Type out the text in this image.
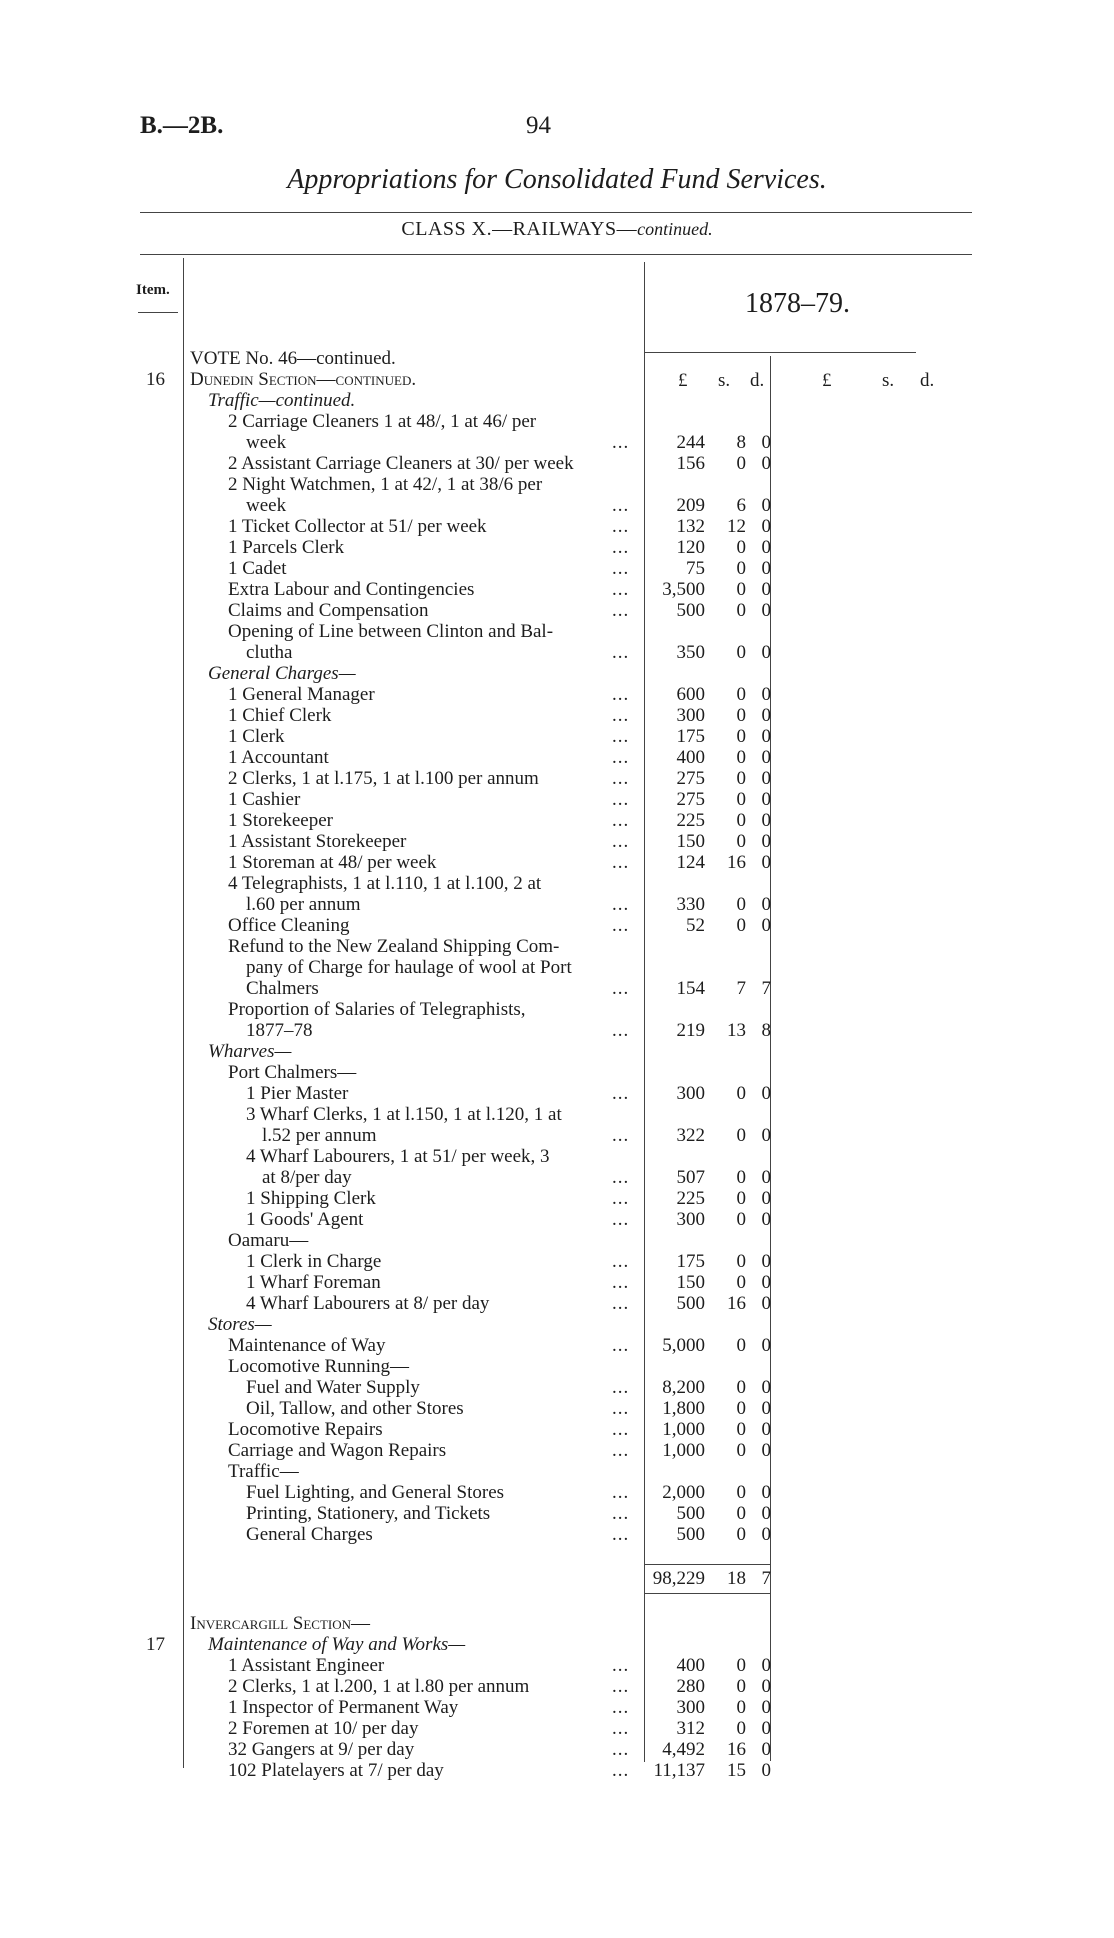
B.—2B.	94
Appropriations for Consolidated Fund Services.
CLASS X.—RAILWAYS—continued.
Item.	1878–79.
£ s. d.	£	s. d.
VOTE No. 46—continued.
16 Dunedin Section—continued.
Traffic—continued.
2 Carriage Cleaners 1 at 48/, 1 at 46/ per
week	... 244 8 0
2 Assistant Carriage Cleaners at 30/ per week	156 0 0
2 Night Watchmen, 1 at 42/, 1 at 38/6 per
week	... 209 6 0
1 Ticket Collector at 51/ per week	... 132 12 0
1 Parcels Clerk	... 120 0 0
1 Cadet	...	75 0 0
Extra Labour and Contingencies	... 3,500 0 0
Claims and Compensation	... 500 0 0
Opening of Line between Clinton and Bal-
clutha	... 350 0 0
General Charges—
1 General Manager	... 600 0 0
1 Chief Clerk	... 300 0 0
1 Clerk	... 175 0 0
1 Accountant	... 400 0 0
2 Clerks, 1 at l.175, 1 at l.100 per annum	... 275 0 0
1 Cashier	... 275 0 0
1 Storekeeper	... 225 0 0
1 Assistant Storekeeper	... 150 0 0
1 Storeman at 48/ per week	... 124 16 0
4 Telegraphists, 1 at l.110, 1 at l.100, 2 at
l.60 per annum	... 330 0 0
Office Cleaning	...	52 0 0
Refund to the New Zealand Shipping Com-
pany of Charge for haulage of wool at Port
Chalmers	... 154 7 7
Proportion of Salaries of Telegraphists,
1877–78	... 219 13 8
Wharves—
Port Chalmers—
1 Pier Master	... 300 0 0
3 Wharf Clerks, 1 at l.150, 1 at l.120, 1 at
l.52 per annum	... 322 0 0
4 Wharf Labourers, 1 at 51/ per week, 3
at 8/per day	... 507 0 0
1 Shipping Clerk	... 225 0 0
1 Goods' Agent	... 300 0 0
Oamaru—
1 Clerk in Charge	... 175 0 0
1 Wharf Foreman	... 150 0 0
4 Wharf Labourers at 8/ per day	... 500 16 0
Stores—
Maintenance of Way	... 5,000 0 0
Locomotive Running—
Fuel and Water Supply	... 8,200 0 0
Oil, Tallow, and other Stores	... 1,800 0 0
Locomotive Repairs	... 1,000 0 0
Carriage and Wagon Repairs	... 1,000 0 0
Traffic—
Fuel Lighting, and General Stores	... 2,000 0 0
Printing, Stationery, and Tickets	... 500 0 0
General Charges	... 500 0 0
98,229 18 7
Invercargill Section—
17 Maintenance of Way and Works—
1 Assistant Engineer	... 400 0 0
2 Clerks, 1 at l.200, 1 at l.80 per annum	... 280 0 0
1 Inspector of Permanent Way	... 300 0 0
2 Foremen at 10/ per day	... 312 0 0
32 Gangers at 9/ per day	... 4,492 16 0
102 Platelayers at 7/ per day	... 11,137 15 0
